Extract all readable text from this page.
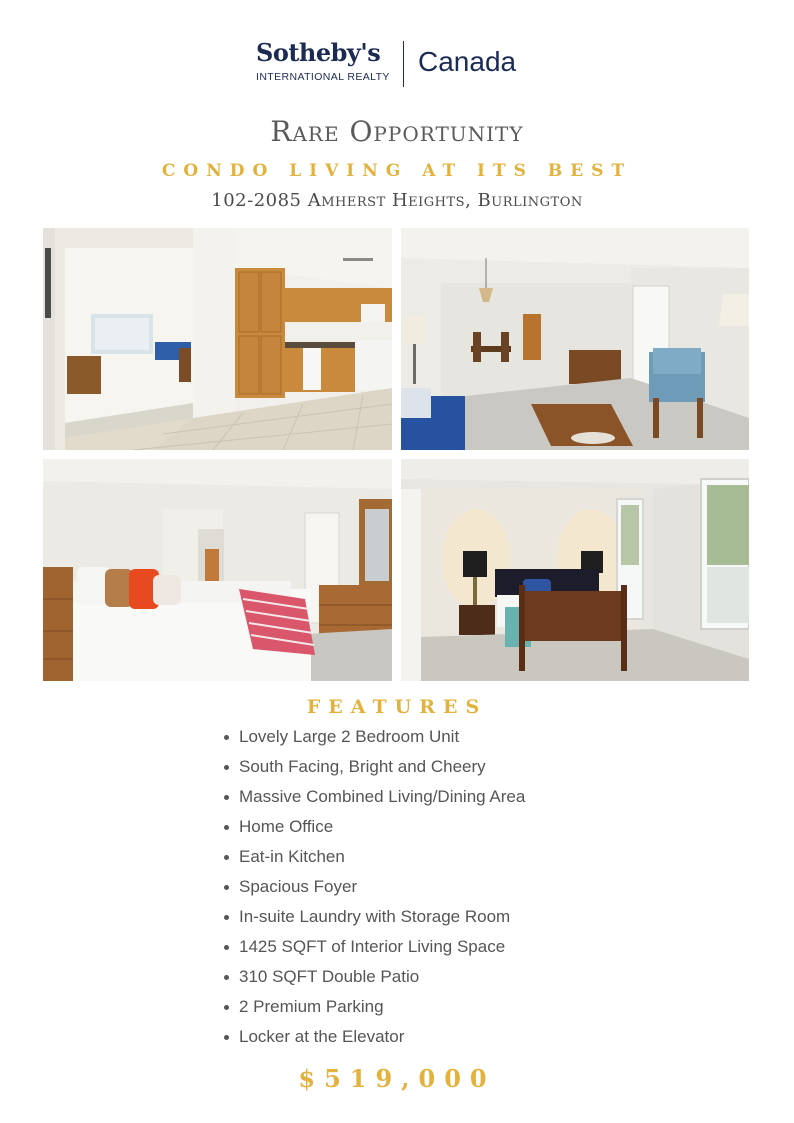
Sotheby's
INTERNATIONAL REALTY Canada
Rare Opportunity
CONDO LIVING AT ITS BEST
102-2085 Amherst Heights, Burlington
FEATURES
Lovely Large 2 Bedroom Unit
South Facing, Bright and Cheery
Massive Combined Living/Dining Area
Home Office
Eat-in Kitchen
Spacious Foyer
In-suite Laundry with Storage Room
1425 SQFT of Interior Living Space
310 SQFT Double Patio
2 Premium Parking
Locker at the Elevator
$519,000
